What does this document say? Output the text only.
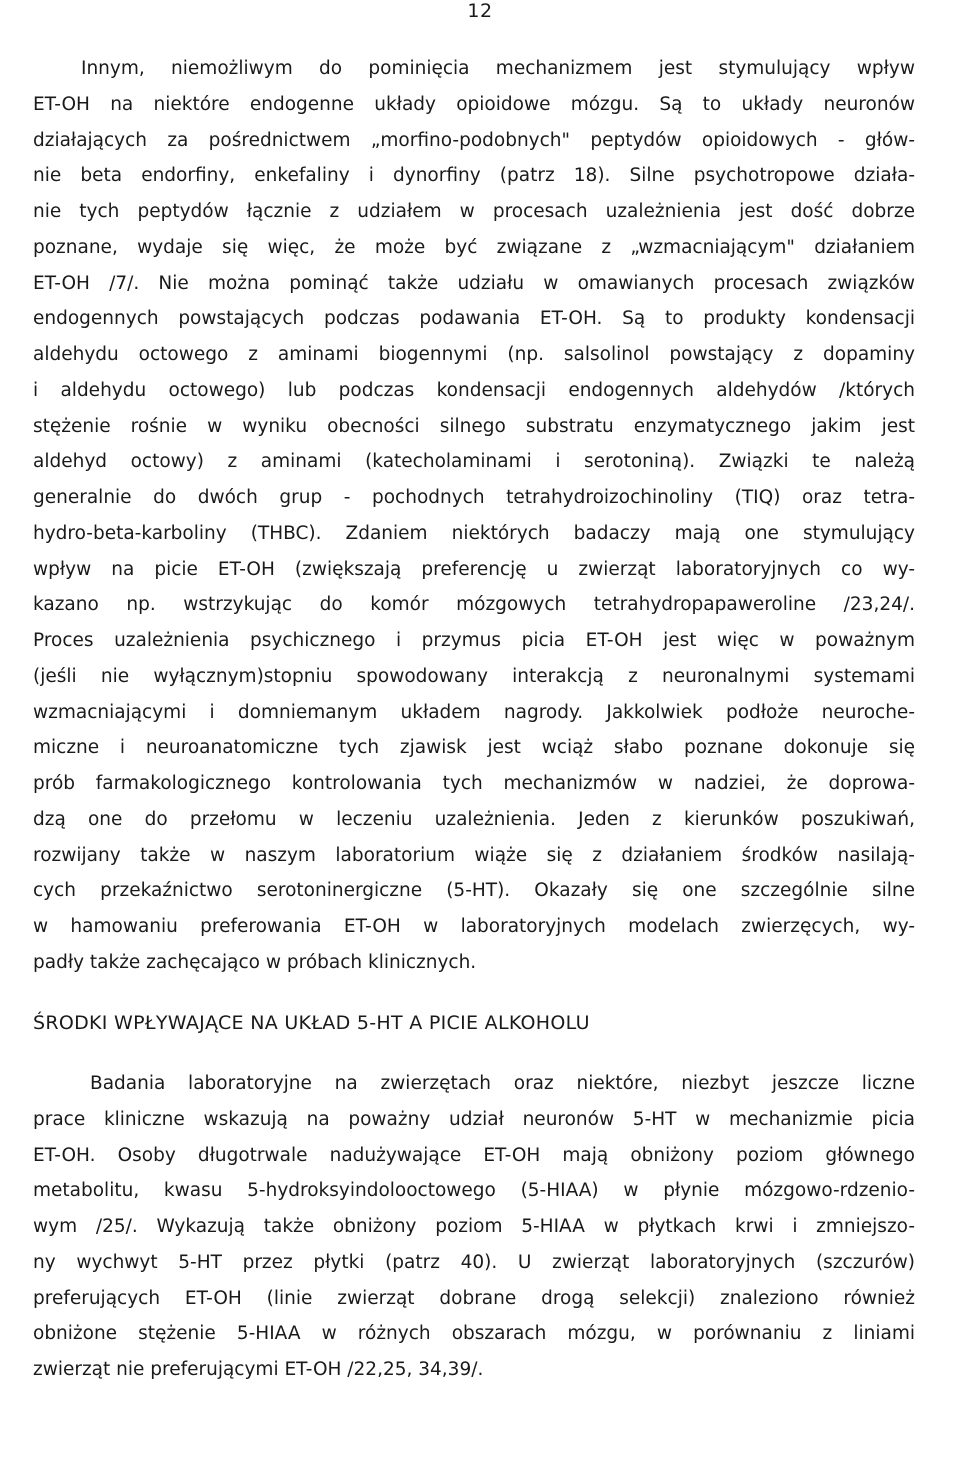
12
Innym, niemożliwym do pominięcia mechanizmem jest stymulujący wpływ
ET-OH na niektóre endogenne układy opioidowe mózgu. Są to układy neuronów
działających za pośrednictwem „morfino-podobnych" peptydów opioidowych - głów-
nie beta endorfiny, enkefaliny i dynorfiny (patrz 18). Silne psychotropowe działa-
nie tych peptydów łącznie z udziałem w procesach uzależnienia jest dość dobrze
poznane, wydaje się więc, że może być związane z „wzmacniającym" działaniem
ET-OH /7/. Nie można pominąć także udziału w omawianych procesach związków
endogennych powstających podczas podawania ET-OH. Są to produkty kondensacji
aldehydu octowego z aminami biogennymi (np. salsolinol powstający z dopaminy
i aldehydu octowego) lub podczas kondensacji endogennych aldehydów /których
stężenie rośnie w wyniku obecności silnego substratu enzymatycznego jakim jest
aldehyd octowy) z aminami (katecholaminami i serotoniną). Związki te należą
generalnie do dwóch grup - pochodnych tetrahydroizochinoliny (TIQ) oraz tetra-
hydro-beta-karboliny (THBC). Zdaniem niektórych badaczy mają one stymulujący
wpływ na picie ET-OH (zwiększają preferencję u zwierząt laboratoryjnych co wy-
kazano np. wstrzykując do komór mózgowych tetrahydropapaweroline /23,24/.
Proces uzależnienia psychicznego i przymus picia ET-OH jest więc w poważnym
(jeśli nie wyłącznym)stopniu spowodowany interakcją z neuronalnymi systemami
wzmacniającymi i domniemanym układem nagrody. Jakkolwiek podłoże neuroche-
miczne i neuroanatomiczne tych zjawisk jest wciąż słabo poznane dokonuje się
prób farmakologicznego kontrolowania tych mechanizmów w nadziei, że doprowa-
dzą one do przełomu w leczeniu uzależnienia. Jeden z kierunków poszukiwań,
rozwijany także w naszym laboratorium wiąże się z działaniem środków nasilają-
cych przekaźnictwo serotoninergiczne (5-HT). Okazały się one szczególnie silne
w hamowaniu preferowania ET-OH w laboratoryjnych modelach zwierzęcych, wy-
padły także zachęcająco w próbach klinicznych.
ŚRODKI WPŁYWAJĄCE NA UKŁAD 5-HT A PICIE ALKOHOLU
Badania laboratoryjne na zwierzętach oraz niektóre, niezbyt jeszcze liczne
prace kliniczne wskazują na poważny udział neuronów 5-HT w mechanizmie picia
ET-OH. Osoby długotrwale nadużywające ET-OH mają obniżony poziom głównego
metabolitu, kwasu 5-hydroksyindolooctowego (5-HIAA) w płynie mózgowo-rdzenio-
wym /25/. Wykazują także obniżony poziom 5-HIAA w płytkach krwi i zmniejszo-
ny wychwyt 5-HT przez płytki (patrz 40). U zwierząt laboratoryjnych (szczurów)
preferujących ET-OH (linie zwierząt dobrane drogą selekcji) znaleziono również
obniżone stężenie 5-HIAA w różnych obszarach mózgu, w porównaniu z liniami
zwierząt nie preferującymi ET-OH /22,25, 34,39/.
